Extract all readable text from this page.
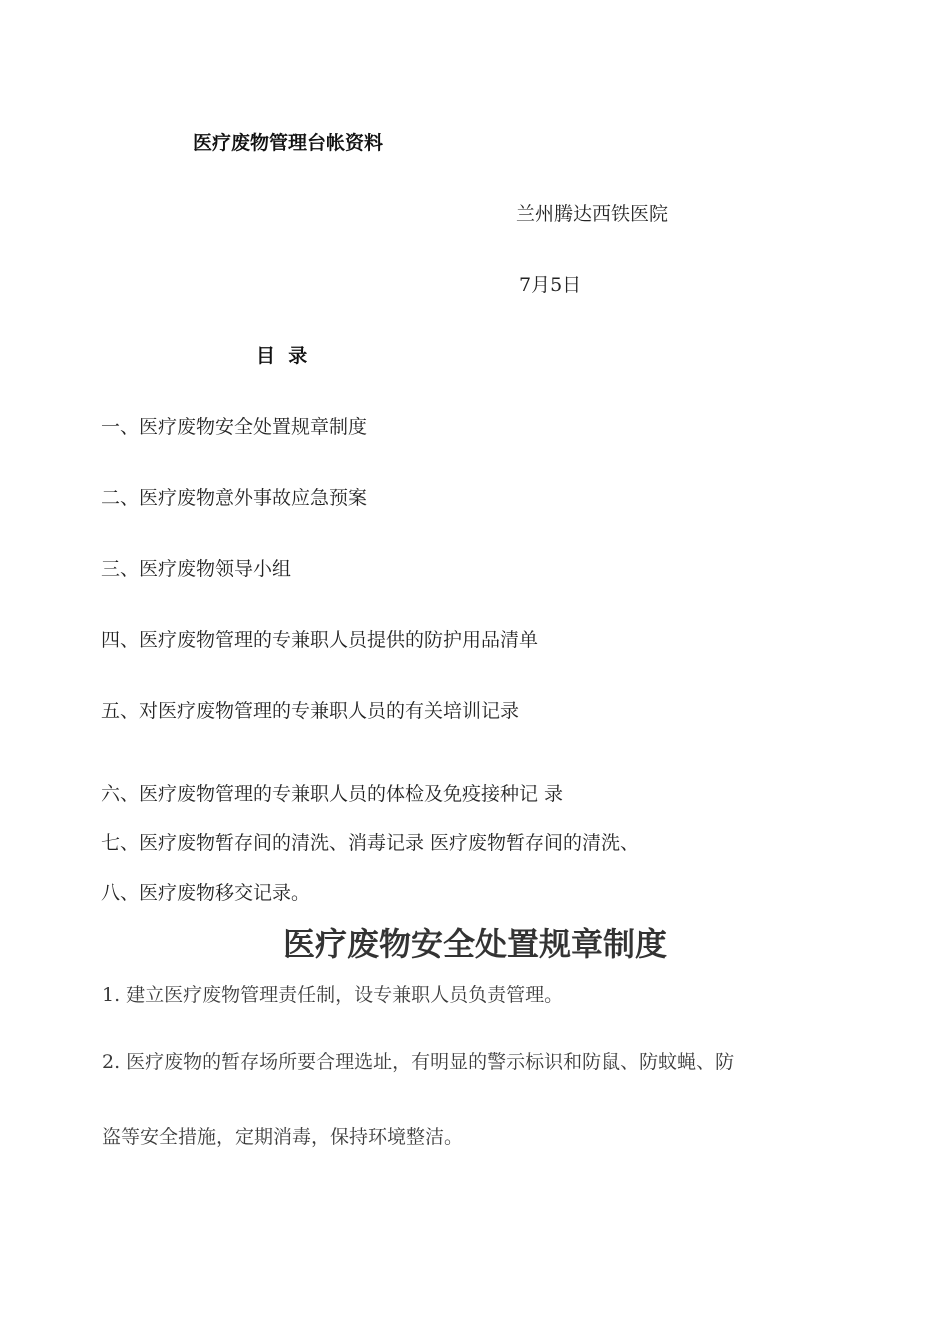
医疗废物管理台帐资料
兰州腾达西铁医院
7月5日
目  录
一、医疗废物安全处置规章制度
二、医疗废物意外事故应急预案
三、医疗废物领导小组
四、医疗废物管理的专兼职人员提供的防护用品清单
五、对医疗废物管理的专兼职人员的有关培训记录
六、医疗废物管理的专兼职人员的体检及免疫接种记 录
七、医疗废物暂存间的清洗、消毒记录 医疗废物暂存间的清洗、
八、医疗废物移交记录。
医疗废物安全处置规章制度
1. 建立医疗废物管理责任制，设专兼职人员负责管理。
2. 医疗废物的暂存场所要合理选址，有明显的警示标识和防鼠、防蚊蝇、防
盗等安全措施，定期消毒，保持环境整洁。
